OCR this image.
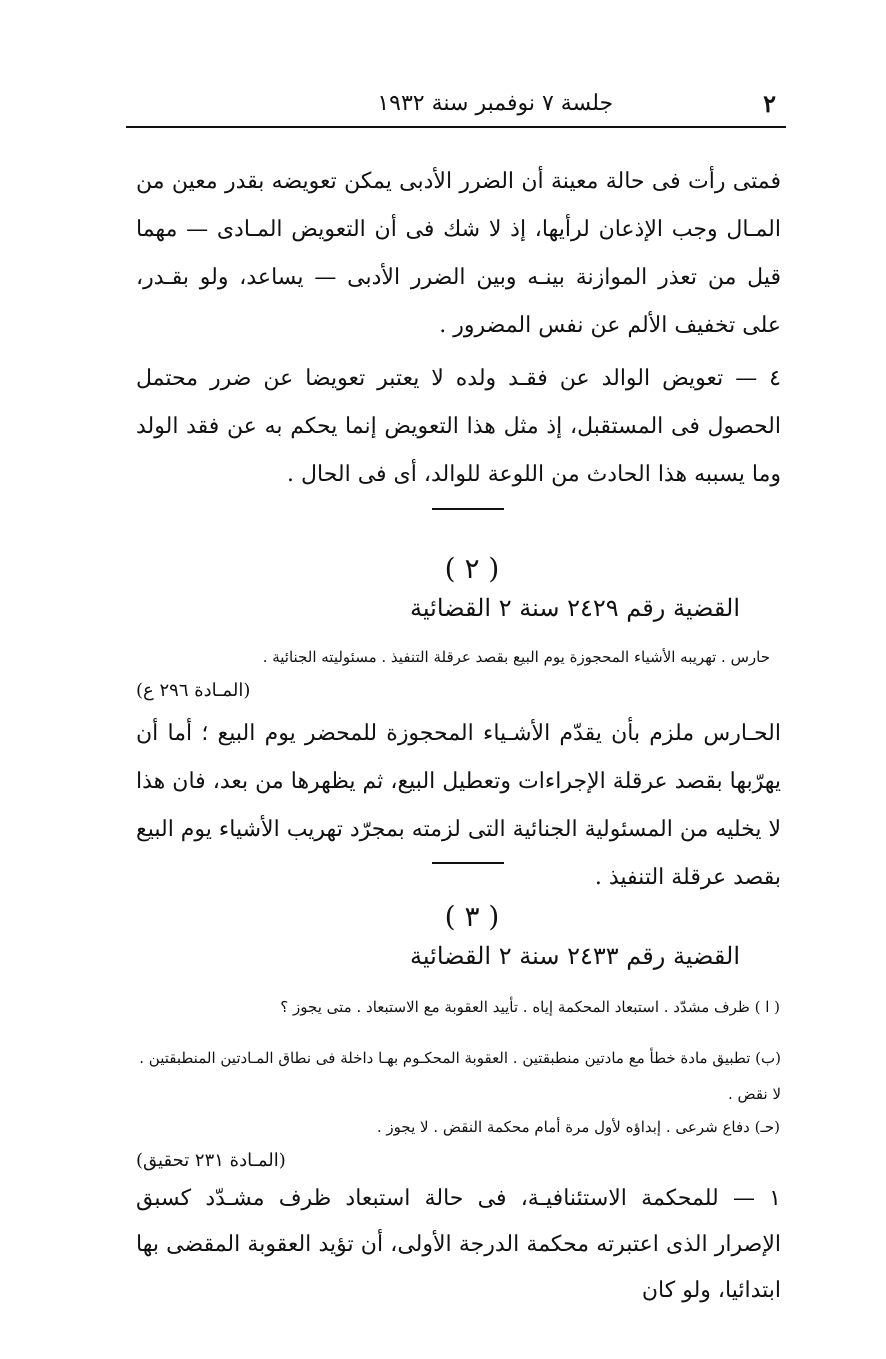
٢
جلسة ٧ نوفمبر سنة ١٩٣٢

فمتى رأت فى حالة معينة أن الضرر الأدبى يمكن تعويضه بقدر معين من المـال وجب الإذعان لرأيها، إذ لا شك فى أن التعويض المـادى — مهما قيل من تعذر الموازنة بينـه وبين الضرر الأدبى — يساعد، ولو بقـدر، على تخفيف الألم عن نفس المضرور .

٤ — تعويض الوالد عن فقـد ولده لا يعتبر تعويضا عن ضرر محتمل الحصول فى المستقبل، إذ مثل هذا التعويض إنما يحكم به عن فقد الولد وما يسببه هذا الحادث من اللوعة للوالد، أى فى الحال .

( ٢ )
القضية رقم ٢٤٢٩ سنة ٢ القضائية
حارس . تهريبه الأشياء المحجوزة يوم البيع بقصد عرقلة التنفيذ . مسئوليته الجنائية .
(المـادة ٢٩٦ ع)

الحـارس ملزم بأن يقدّم الأشـياء المحجوزة للمحضر يوم البيع ؛ أما أن يهرّبها بقصد عرقلة الإجراءات وتعطيل البيع، ثم يظهرها من بعد، فان هذا لا يخليه من المسئولية الجنائية التى لزمته بمجرّد تهريب الأشياء يوم البيع بقصد عرقلة التنفيذ .

( ٣ )
القضية رقم ٢٤٣٣ سنة ٢ القضائية
( ا ) ظرف مشدّد . استبعاد المحكمة إياه . تأييد العقوبة مع الاستبعاد . متى يجوز ؟
(ب) تطبيق مادة خطأ مع مادتين منطبقتين . العقوبة المحكـوم بهـا داخلة فى نطاق المـادتين المنطبقتين . لا نقض .
(حـ) دفاع شرعى . إبداؤه لأول مرة أمام محكمة النقض . لا يجوز .
(المـادة ٢٣١ تحقيق)

١ — للمحكمة الاستئنافيـة، فى حالة استبعاد ظرف مشـدّد كسبق الإصرار الذى اعتبرته محكمة الدرجة الأولى، أن تؤيد العقوبة المقضى بها ابتدائيا، ولو كان
